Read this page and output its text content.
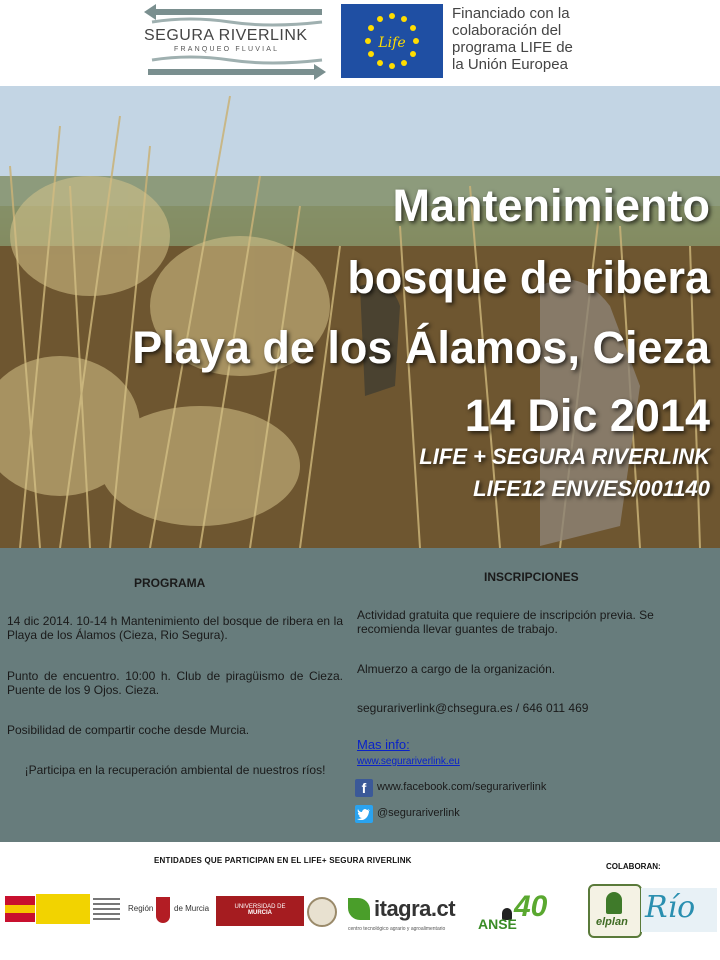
SEGURA RIVERLINK
FRANQUEO FLUVIAL	Life
Financiado con la
colaboración del
programa LIFE de
la Unión Europea
Mantenimiento
bosque de ribera
Playa de los Álamos, Cieza
14 Dic 2014
LIFE + SEGURA RIVERLINK
LIFE12 ENV/ES/001140
PROGRAMA
14 dic 2014. 10-14 h Mantenimiento del bosque de ribera en la Playa de los Álamos (Cieza, Rio Segura).
Punto de encuentro. 10:00 h. Club de piragüismo de Cieza. Puente de los 9 Ojos. Cieza.
Posibilidad de compartir coche desde Murcia.
¡Participa en la recuperación ambiental de nuestros ríos!
INSCRIPCIONES
Actividad gratuita que requiere de inscripción previa. Se recomienda llevar guantes de trabajo.
Almuerzo a cargo de la organización.
segurariverlink@chsegura.es / 646 011 469
Mas info:
www.segurariverlink.eu
f www.facebook.com/segurariverlink
@segurariverlink
ENTIDADES QUE PARTICIPAN EN EL LIFE+ SEGURA RIVERLINK
COLABORAN:
Región	de Murcia	UNIVERSIDAD DE
MURCIA	itagra.ct
centro tecnológico agrario y agroalimentario
40
ANSE	elplan Río
